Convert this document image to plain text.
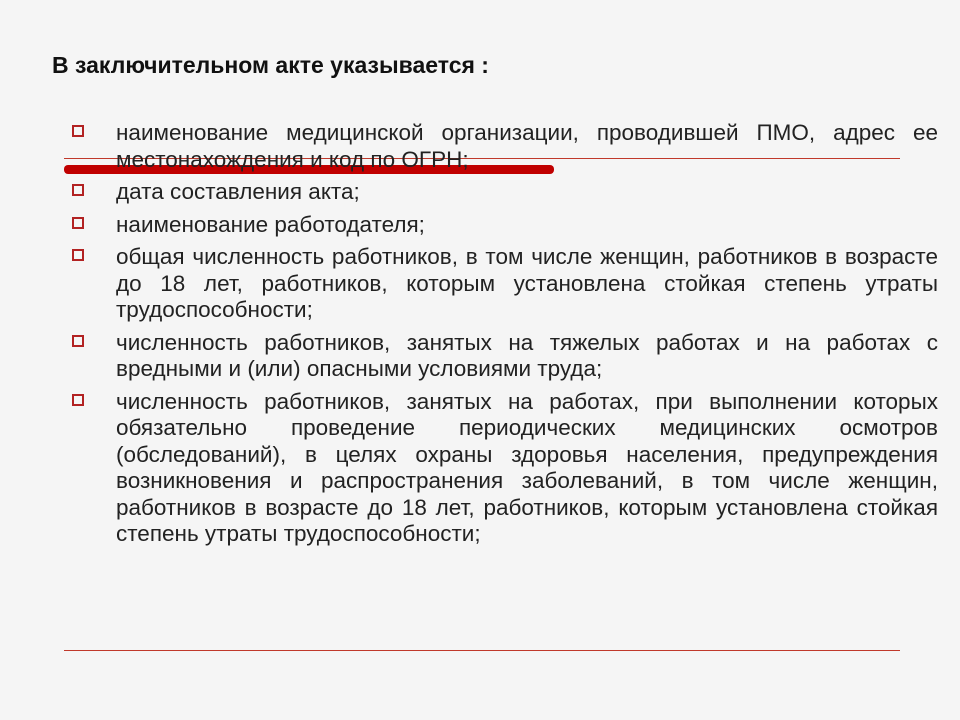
В заключительном акте указывается :
наименование медицинской организации, проводившей ПМО, адрес ее местонахождения и код по ОГРН;
дата составления акта;
наименование работодателя;
общая численность работников, в том числе женщин, работников в возрасте до 18 лет, работников, которым установлена стойкая степень утраты трудоспособности;
численность работников, занятых на тяжелых работах и на работах с вредными и (или) опасными условиями труда;
численность работников, занятых на работах, при выполнении которых обязательно проведение периодических медицинских осмотров (обследований), в целях охраны здоровья населения, предупреждения возникновения и распространения заболеваний, в том числе женщин, работников в возрасте до 18 лет, работников, которым установлена стойкая степень утраты трудоспособности;
